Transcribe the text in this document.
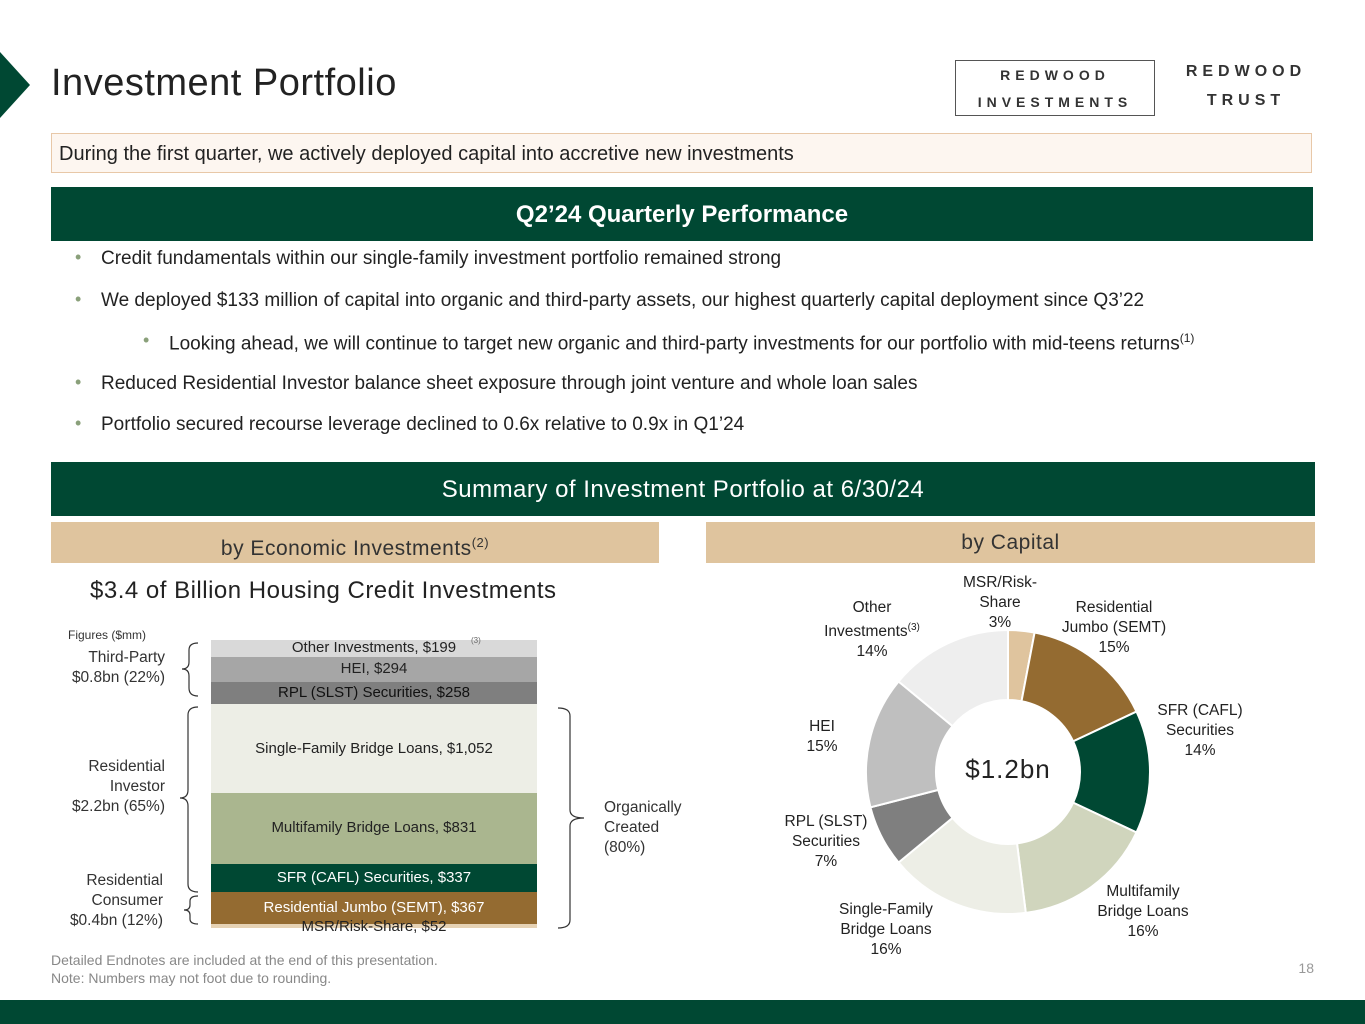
Investment Portfolio	REDWOOD
INVESTMENTS
REDWOOD
TRUST
During the first quarter, we actively deployed capital into accretive new investments
Q2’24 Quarterly Performance
• Credit fundamentals within our single-family investment portfolio remained strong
• We deployed $133 million of capital into organic and third-party assets, our highest quarterly capital deployment since Q3’22
• Looking ahead, we will continue to target new organic and third-party investments for our portfolio with mid-teens returns$^{(1)}$
• Reduced Residential Investor balance sheet exposure through joint venture and whole loan sales
• Portfolio secured recourse leverage declined to 0.6x relative to 0.9x in Q1’24
Summary of Investment Portfolio at 6/30/24
by Economic Investments$^{(2)}$	by Capital
$3.4 of Billion Housing Credit Investments
Figures ($mm)
Other Investments, $199
HEI, $294
RPL (SLST) Securities, $258
Single-Family Bridge Loans, $1,052
Multifamily Bridge Loans, $831
SFR (CAFL) Securities, $337
Residential Jumbo (SEMT), $367
MSR/Risk-Share, $52
(3)
Third-Party
$0.8bn (22%)
Residential
Investor
$2.2bn (65%)
Residential
Consumer
$0.4bn (12%)
Organically
Created
(80%)
$1.2bn
MSR/Risk-
Share
3%
Residential
Jumbo (SEMT)
15%
SFR (CAFL)
Securities
14%
Multifamily
Bridge Loans
16%
Single-Family
Bridge Loans
16%
RPL (SLST)
Securities
7%
HEI
15%
Other
Investments$^{(3)}$
14%
Detailed Endnotes are included at the end of this presentation.
Note: Numbers may not foot due to rounding.
18
